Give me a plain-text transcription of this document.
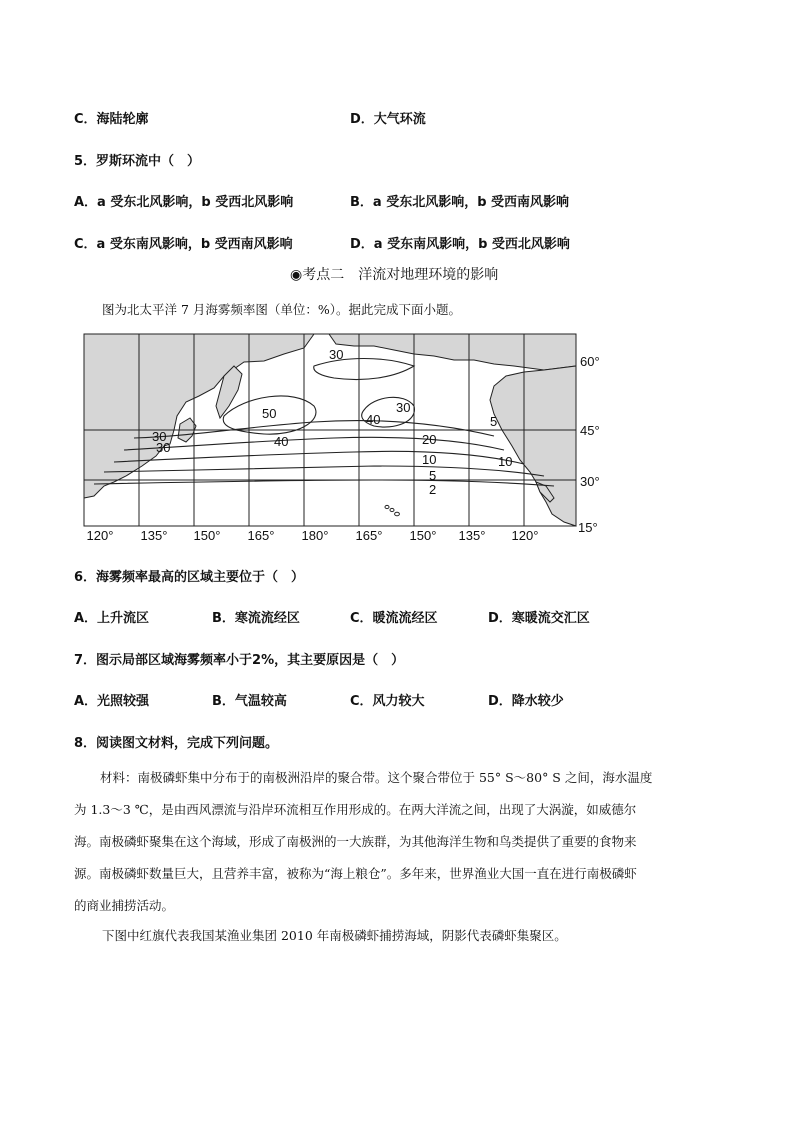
C．海陆轮廓	D．大气环流
5．罗斯环流中（　）
A．a 受东北风影响，b 受西北风影响	B．a 受东北风影响，b 受西南风影响
C．a 受东南风影响，b 受西南风影响	D．a 受东南风影响，b 受西北风影响
◉考点二　洋流对地理环境的影响
图为北太平洋 7 月海雾频率图（单位：%）。据此完成下面小题。
30
30
50
40
40
30
30
20
10
5
2
5
10
120° 135° 150° 165° 180° 165° 150° 135° 120°
60°
45°
30°
15°
6．海雾频率最高的区域主要位于（　）
A．上升流区	B．寒流流经区	C．暖流流经区	D．寒暖流交汇区
7．图示局部区域海雾频率小于2%，其主要原因是（　）
A．光照较强	B．气温较高	C．风力较大	D．降水较少
8．阅读图文材料，完成下列问题。

材料：南极磷虾集中分布于的南极洲沿岸的聚合带。这个聚合带位于 55° S～80° S 之间，海水温度

为 1.3～3 ℃，是由西风漂流与沿岸环流相互作用形成的。在两大洋流之间，出现了大涡漩，如威德尔

海。南极磷虾聚集在这个海域，形成了南极洲的一大族群，为其他海洋生物和鸟类提供了重要的食物来

源。南极磷虾数量巨大，且营养丰富，被称为“海上粮仓”。多年来，世界渔业大国一直在进行南极磷虾

的商业捕捞活动。

下图中红旗代表我国某渔业集团 2010 年南极磷虾捕捞海域，阴影代表磷虾集聚区。
